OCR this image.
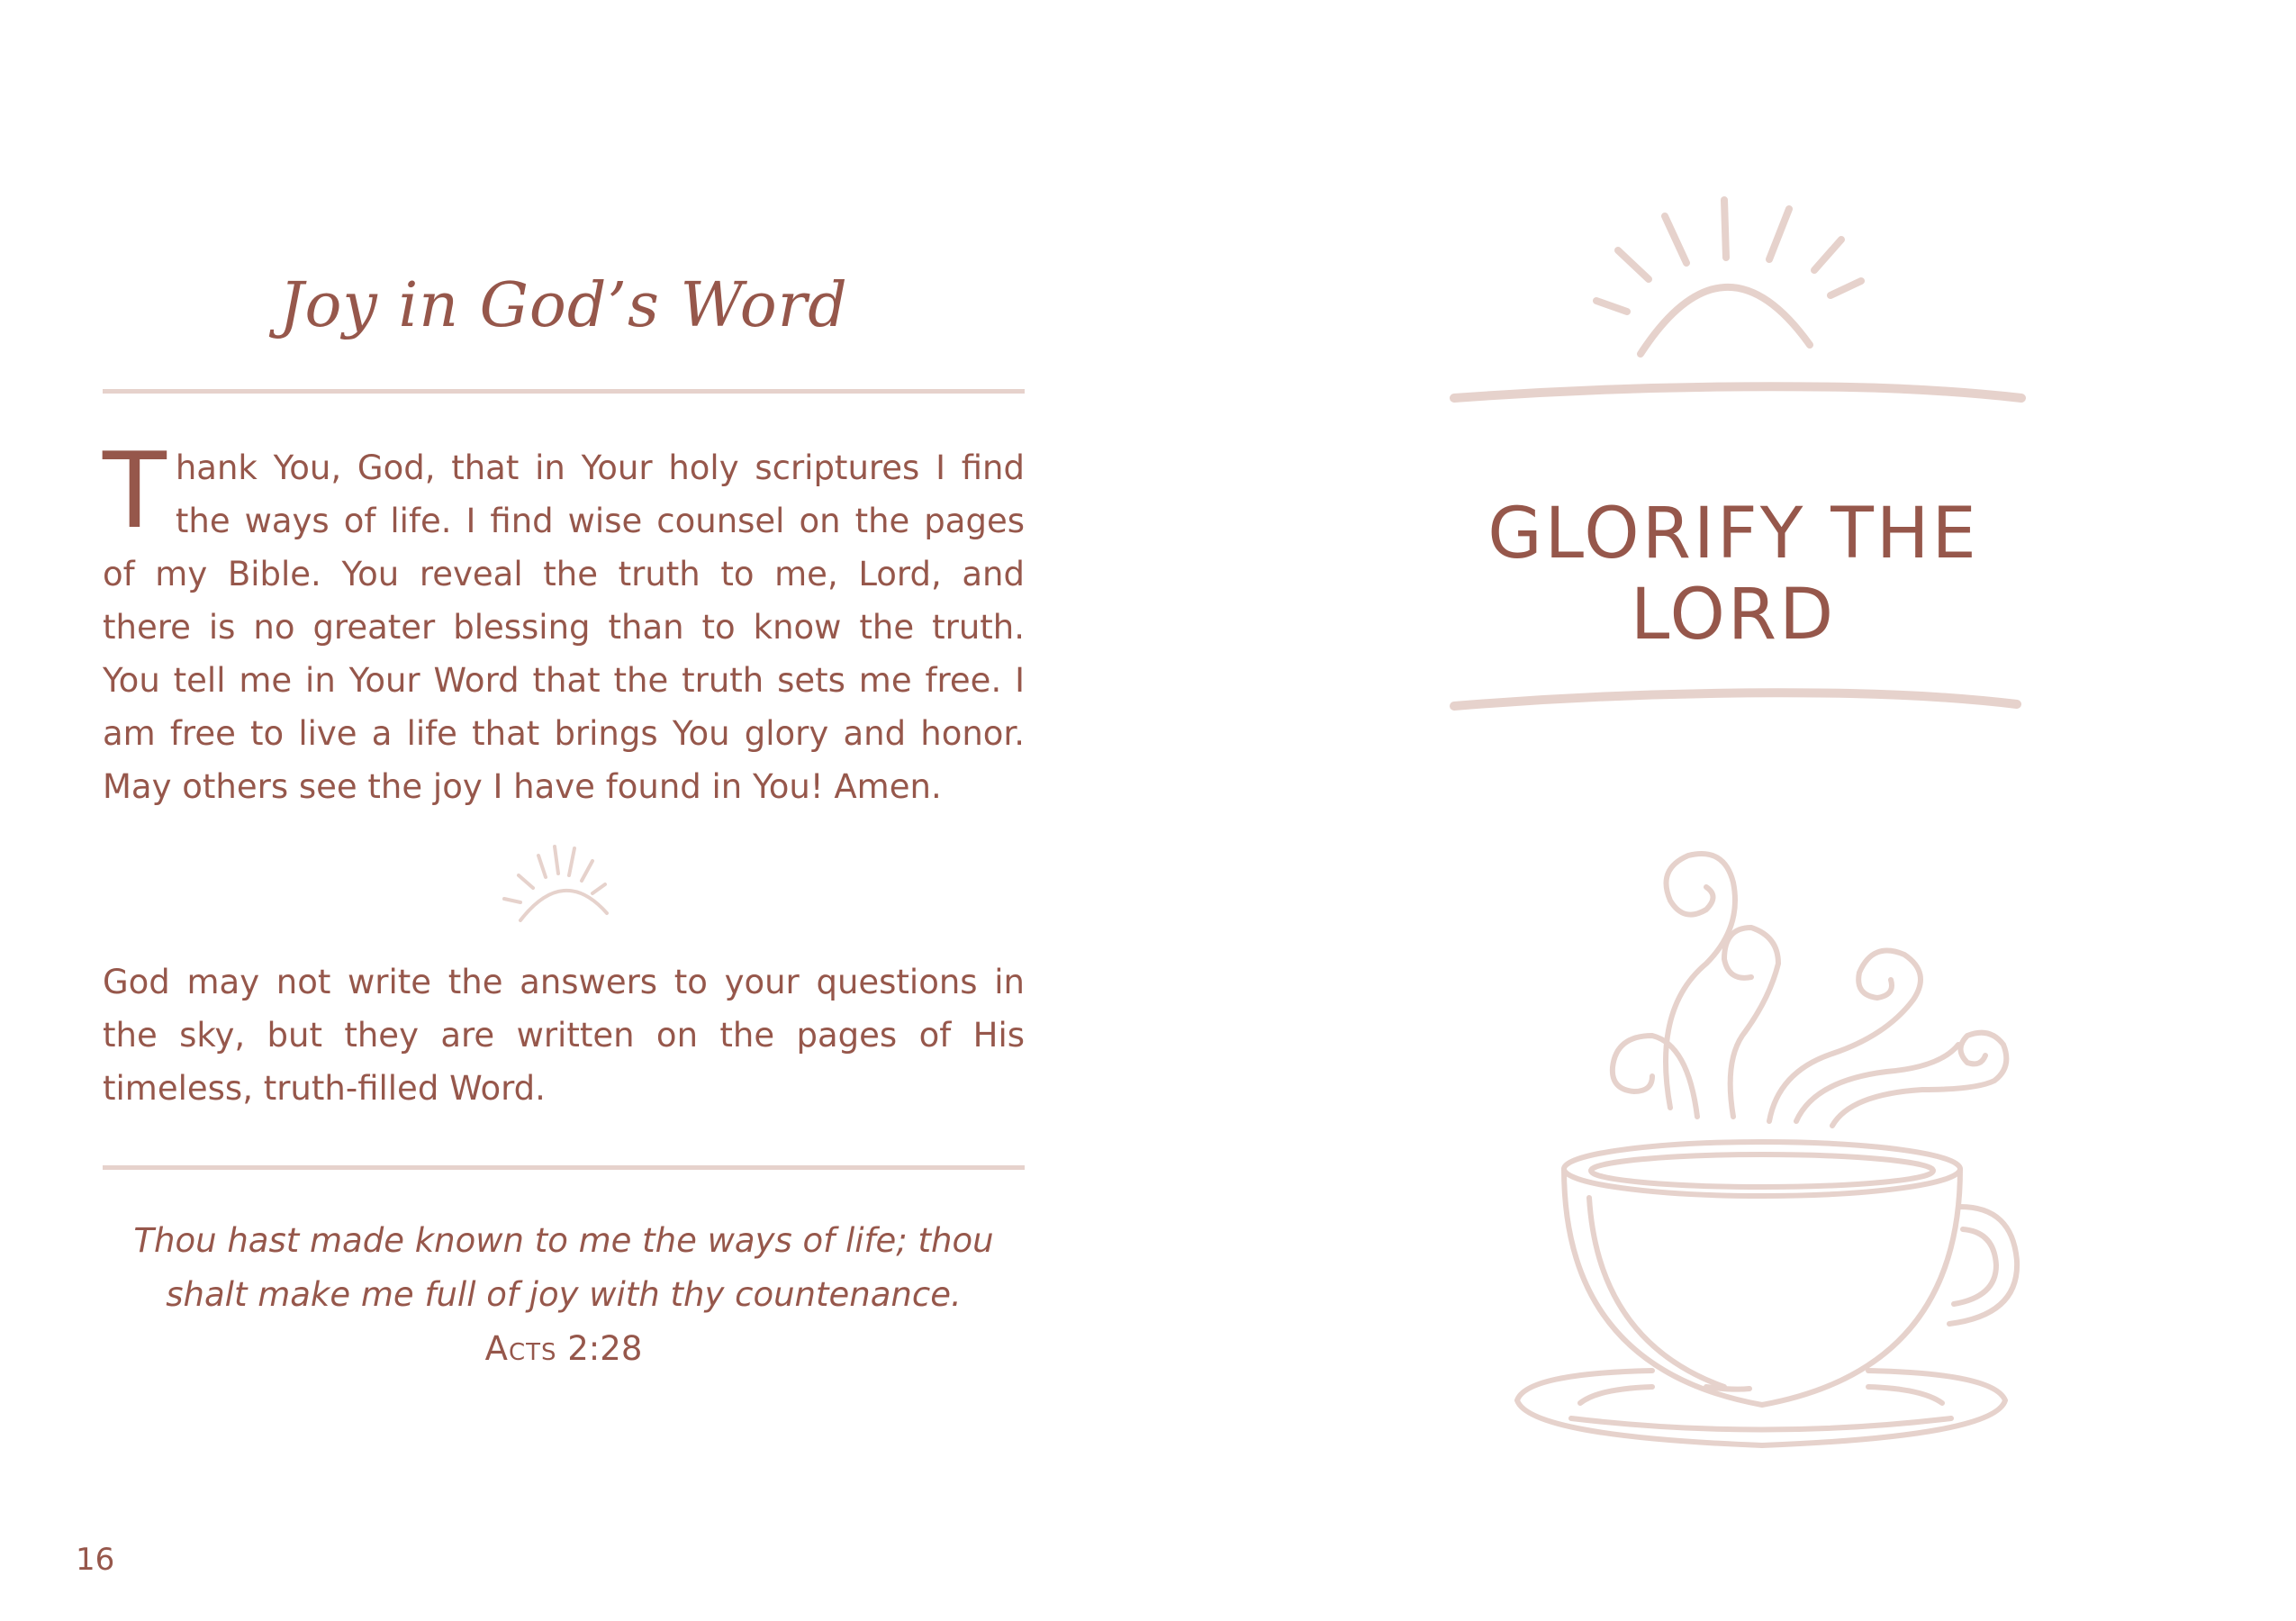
Joy in God’s Word
T hank You, God, that in Your holy scriptures I find the ways of life. I find wise counsel on the pages of my Bible. You reveal the truth to me, Lord, and there is no greater blessing than to know the truth. You tell me in Your Word that the truth sets me free. I am free to live a life that brings You glory and honor. May others see the joy I have found in You! Amen.
God may not write the answers to your questions in the sky, but they are written on the pages of His timeless, truth-filled Word.
Thou hast made known to me the ways of life; thou
shalt make me full of joy with thy countenance.
Acts 2:28
16
GLORIFY THE LORD
